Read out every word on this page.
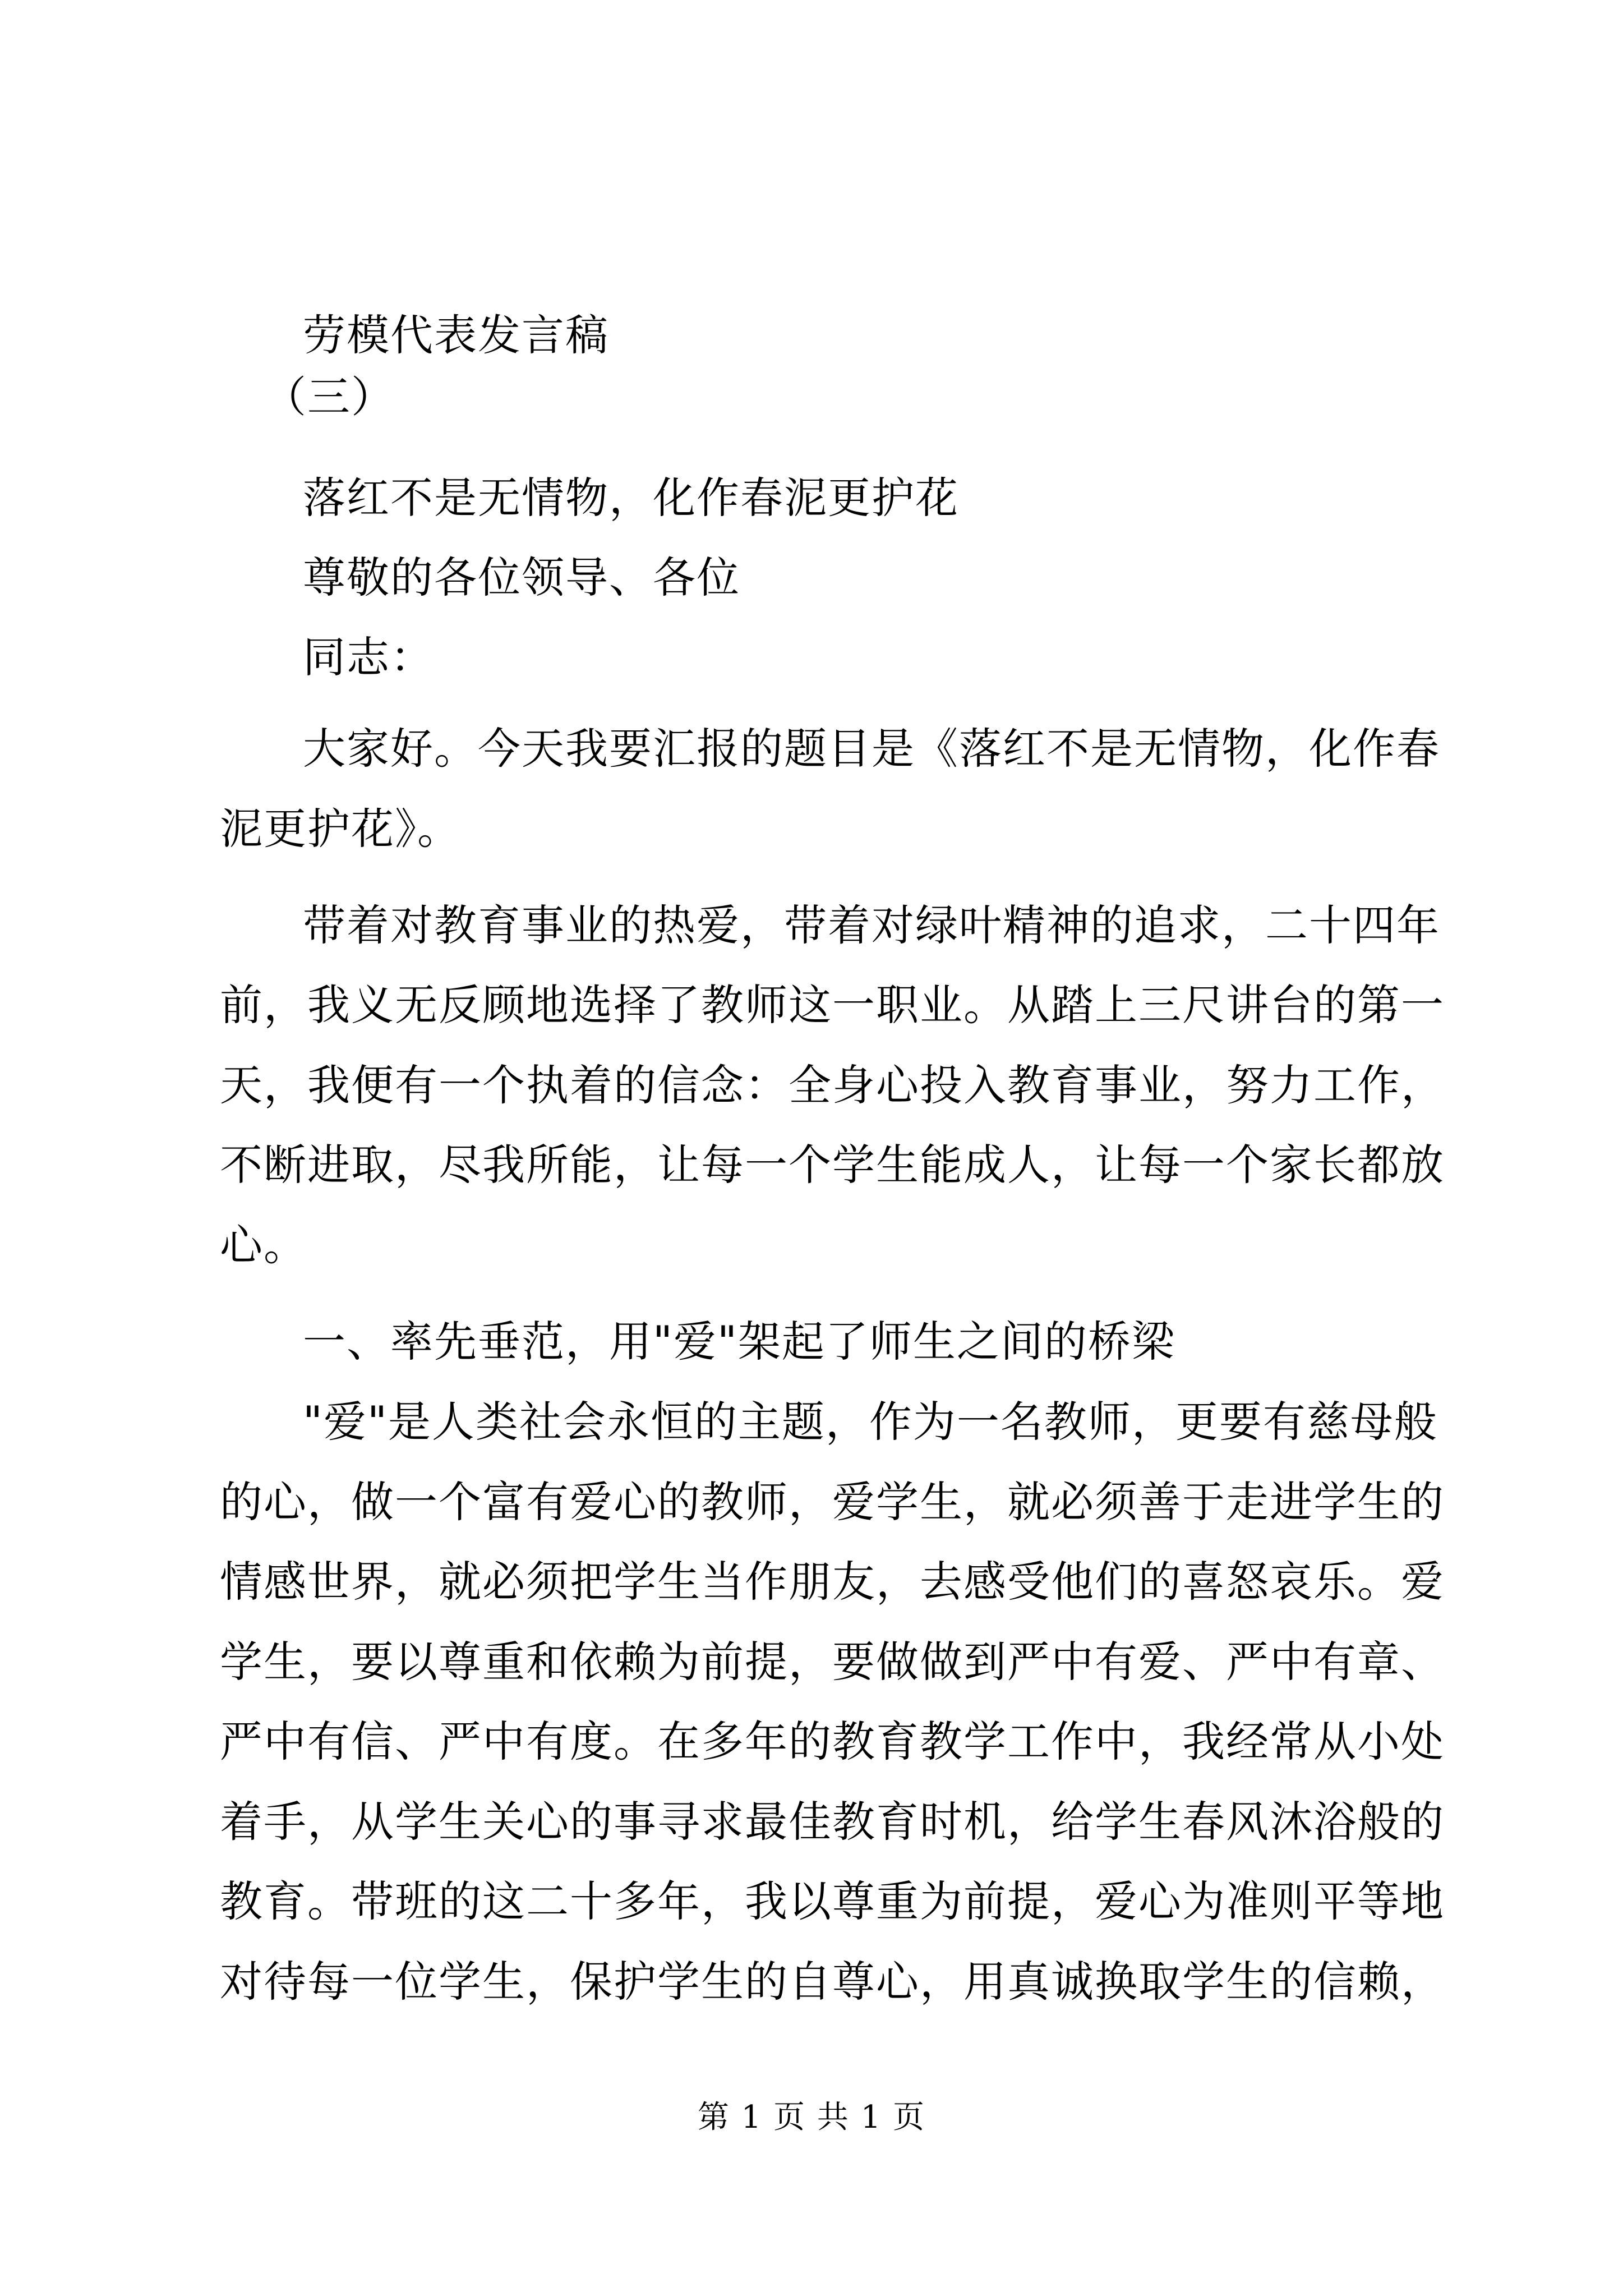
劳模代表发言稿

（三）

落红不是无情物，化作春泥更护花

尊敬的各位领导、各位

同志：

大家好。今天我要汇报的题目是《落红不是无情物，化作春

泥更护花》。

带着对教育事业的热爱，带着对绿叶精神的追求，二十四年

前，我义无反顾地选择了教师这一职业。从踏上三尺讲台的第一

天，我便有一个执着的信念：全身心投入教育事业，努力工作，

不断进取，尽我所能，让每一个学生能成人，让每一个家长都放

心。

一、率先垂范，用"爱"架起了师生之间的桥梁

"爱"是人类社会永恒的主题，作为一名教师，更要有慈母般

的心，做一个富有爱心的教师，爱学生，就必须善于走进学生的

情感世界，就必须把学生当作朋友，去感受他们的喜怒哀乐。爱

学生，要以尊重和依赖为前提，要做做到严中有爱、严中有章、

严中有信、严中有度。在多年的教育教学工作中，我经常从小处

着手，从学生关心的事寻求最佳教育时机，给学生春风沐浴般的

教育。带班的这二十多年，我以尊重为前提，爱心为准则平等地

对待每一位学生，保护学生的自尊心，用真诚换取学生的信赖，

第 1 页 共 1 页
